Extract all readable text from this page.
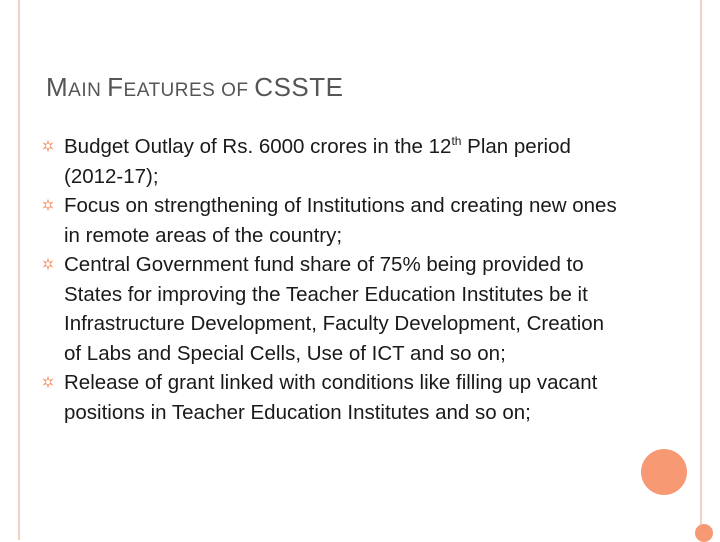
MAIN FEATURES OF CSSTE
Budget Outlay of Rs. 6000 crores in the 12th Plan period (2012-17);
Focus on strengthening of Institutions and creating new ones in remote areas of the country;
Central Government fund share of 75% being provided to States for improving the Teacher Education Institutes be it Infrastructure Development, Faculty Development, Creation of Labs and Special Cells, Use of ICT and so on;
Release of grant linked with conditions like filling up vacant positions in Teacher Education Institutes and so on;
